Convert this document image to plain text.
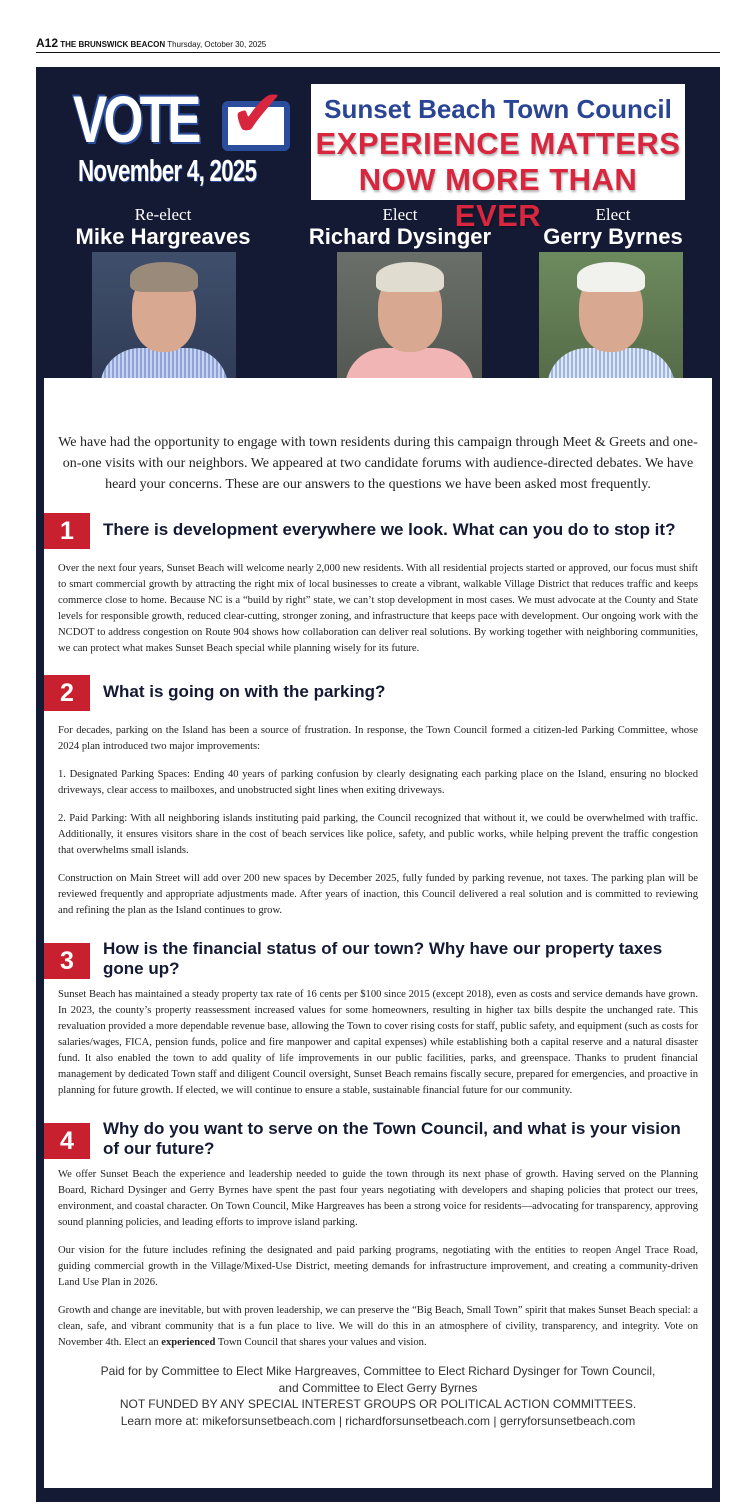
A12 THE BRUNSWICK BEACON Thursday, October 30, 2025
VOTE ✔
November 4, 2025
Sunset Beach Town Council
EXPERIENCE MATTERS
NOW MORE THAN EVER
Re-elect
Mike Hargreaves
Elect
Richard Dysinger
Elect
Gerry Byrnes
We have had the opportunity to engage with town residents during this campaign through Meet & Greets and one-on-one visits with our neighbors. We appeared at two candidate forums with audience-directed debates. We have heard your concerns. These are our answers to the questions we have been asked most frequently.
1	There is development everywhere we look. What can you do to stop it?
Over the next four years, Sunset Beach will welcome nearly 2,000 new residents. With all residential projects started or approved, our focus must shift to smart commercial growth by attracting the right mix of local businesses to create a vibrant, walkable Village District that reduces traffic and keeps commerce close to home. Because NC is a “build by right” state, we can’t stop development in most cases. We must advocate at the County and State levels for responsible growth, reduced clear-cutting, stronger zoning, and infrastructure that keeps pace with development. Our ongoing work with the NCDOT to address congestion on Route 904 shows how collaboration can deliver real solutions. By working together with neighboring communities, we can protect what makes Sunset Beach special while planning wisely for its future.
2	What is going on with the parking?
For decades, parking on the Island has been a source of frustration. In response, the Town Council formed a citizen-led Parking Committee, whose 2024 plan introduced two major improvements:
1. Designated Parking Spaces: Ending 40 years of parking confusion by clearly designating each parking place on the Island, ensuring no blocked driveways, clear access to mailboxes, and unobstructed sight lines when exiting driveways.
2. Paid Parking: With all neighboring islands instituting paid parking, the Council recognized that without it, we could be overwhelmed with traffic. Additionally, it ensures visitors share in the cost of beach services like police, safety, and public works, while helping prevent the traffic congestion that overwhelms small islands.
Construction on Main Street will add over 200 new spaces by December 2025, fully funded by parking revenue, not taxes. The parking plan will be reviewed frequently and appropriate adjustments made. After years of inaction, this Council delivered a real solution and is committed to reviewing and refining the plan as the Island continues to grow.
3	How is the financial status of our town? Why have our property taxes gone up?
Sunset Beach has maintained a steady property tax rate of 16 cents per $100 since 2015 (except 2018), even as costs and service demands have grown. In 2023, the county’s property reassessment increased values for some homeowners, resulting in higher tax bills despite the unchanged rate. This revaluation provided a more dependable revenue base, allowing the Town to cover rising costs for staff, public safety, and equipment (such as costs for salaries/wages, FICA, pension funds, police and fire manpower and capital expenses) while establishing both a capital reserve and a natural disaster fund. It also enabled the town to add quality of life improvements in our public facilities, parks, and greenspace. Thanks to prudent financial management by dedicated Town staff and diligent Council oversight, Sunset Beach remains fiscally secure, prepared for emergencies, and proactive in planning for future growth. If elected, we will continue to ensure a stable, sustainable financial future for our community.
4	Why do you want to serve on the Town Council, and what is your vision of our future?
We offer Sunset Beach the experience and leadership needed to guide the town through its next phase of growth. Having served on the Planning Board, Richard Dysinger and Gerry Byrnes have spent the past four years negotiating with developers and shaping policies that protect our trees, environment, and coastal character. On Town Council, Mike Hargreaves has been a strong voice for residents—advocating for transparency, approving sound planning policies, and leading efforts to improve island parking.
Our vision for the future includes refining the designated and paid parking programs, negotiating with the entities to reopen Angel Trace Road, guiding commercial growth in the Village/Mixed-Use District, meeting demands for infrastructure improvement, and creating a community-driven Land Use Plan in 2026.
Growth and change are inevitable, but with proven leadership, we can preserve the “Big Beach, Small Town” spirit that makes Sunset Beach special: a clean, safe, and vibrant community that is a fun place to live. We will do this in an atmosphere of civility, transparency, and integrity. Vote on November 4th. Elect an experienced Town Council that shares your values and vision.
Paid for by Committee to Elect Mike Hargreaves, Committee to Elect Richard Dysinger for Town Council, and Committee to Elect Gerry Byrnes
NOT FUNDED BY ANY SPECIAL INTEREST GROUPS OR POLITICAL ACTION COMMITTEES.
Learn more at: mikeforsunsetbeach.com | richardforsunsetbeach.com | gerryforsunsetbeach.com
